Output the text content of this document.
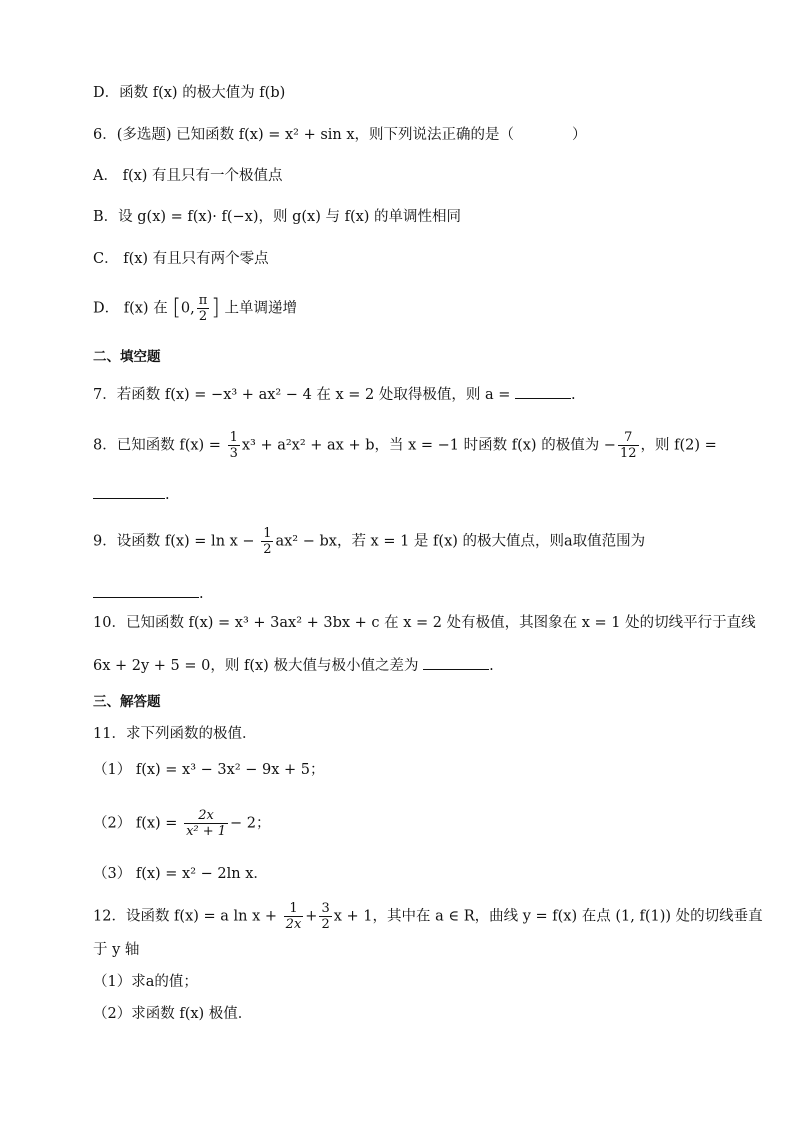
D．函数 f(x) 的极大值为 f(b)
6．(多选题) 已知函数 f(x) = x² + sin x，则下列说法正确的是（　　　　）
A． f(x) 有且只有一个极值点
B．设 g(x) = f(x)· f(−x)，则 g(x) 与 f(x) 的单调性相同
C． f(x) 有且只有两个零点
D． f(x) 在 [0, $\frac{\pi}{2}$ ] 上单调递增
二、填空题
7．若函数 f(x) = −x³ + ax² − 4 在 x = 2 处取得极值，则 a =	.
8．已知函数 $f(x) = \frac{1}{3} x^3 + a^2x^2$ + ax + b，当 x = −1 时函数 f(x) 的极值为 − $\frac{7}{12}$ ，则 f(2) =
.
9．设函数 $f(x) = \ln x - \frac{1}{2} ax^2$ − bx，若 x = 1 是 f(x) 的极大值点，则a取值范围为
.
10．已知函数 f(x) = x³ + 3ax² + 3bx + c 在 x = 2 处有极值，其图象在 x = 1 处的切线平行于直线
6x + 2y + 5 = 0，则 f(x) 极大值与极小值之差为	.
三、解答题
11．求下列函数的极值．
（1） f(x) = x³ − 3x² − 9x + 5；
（2） $f(x) = \frac{2x}{\text{x² + 1}} - 2$；
（3） f(x) = x² − 2ln x．
12．设函数 f(x) = a $\ln x + \frac{1}{2x} + \frac{3}{2}$ x + 1，其中在 a ∈ R，曲线 y = f(x) 在点 (1, f(1)) 处的切线垂直
于 y 轴
（1）求a的值；
（2）求函数 f(x) 极值．
